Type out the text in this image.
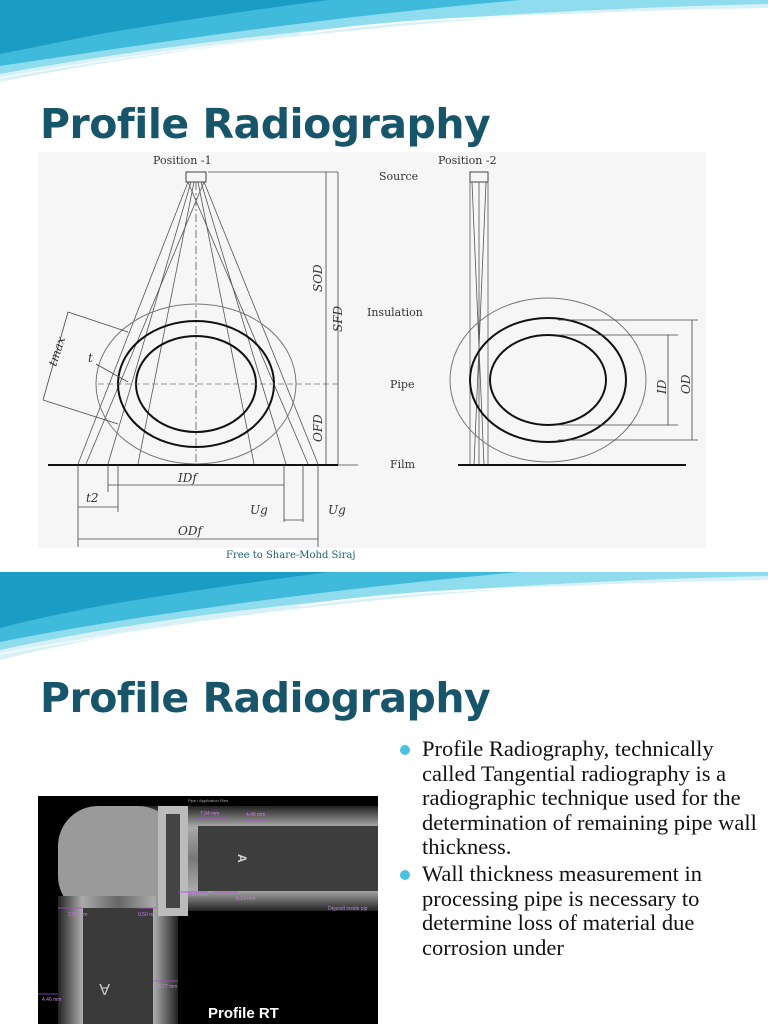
Profile Radiography
Position -1	Position -2
SOD
SFD
OFD
tmax t
IDf
ODf
t2
Ug	Ug
Source
Insulation
Pipe
Film
ID OD
Free to Share-Mohd Siraj
Profile Radiography
Pipe / Application Files
7.04 mm	4.46 mm
4.19 mm
6.60 mm
2.07 mm	0.50 mm
4.77 mm
4.46 mm
Deposit inside pip
A
A
Profile RT
Profile Radiography, technically called Tangential radiography is a radiographic technique used for the determination of remaining pipe wall thickness.
Wall thickness measurement in processing pipe is necessary to determine loss of material due corrosion under
